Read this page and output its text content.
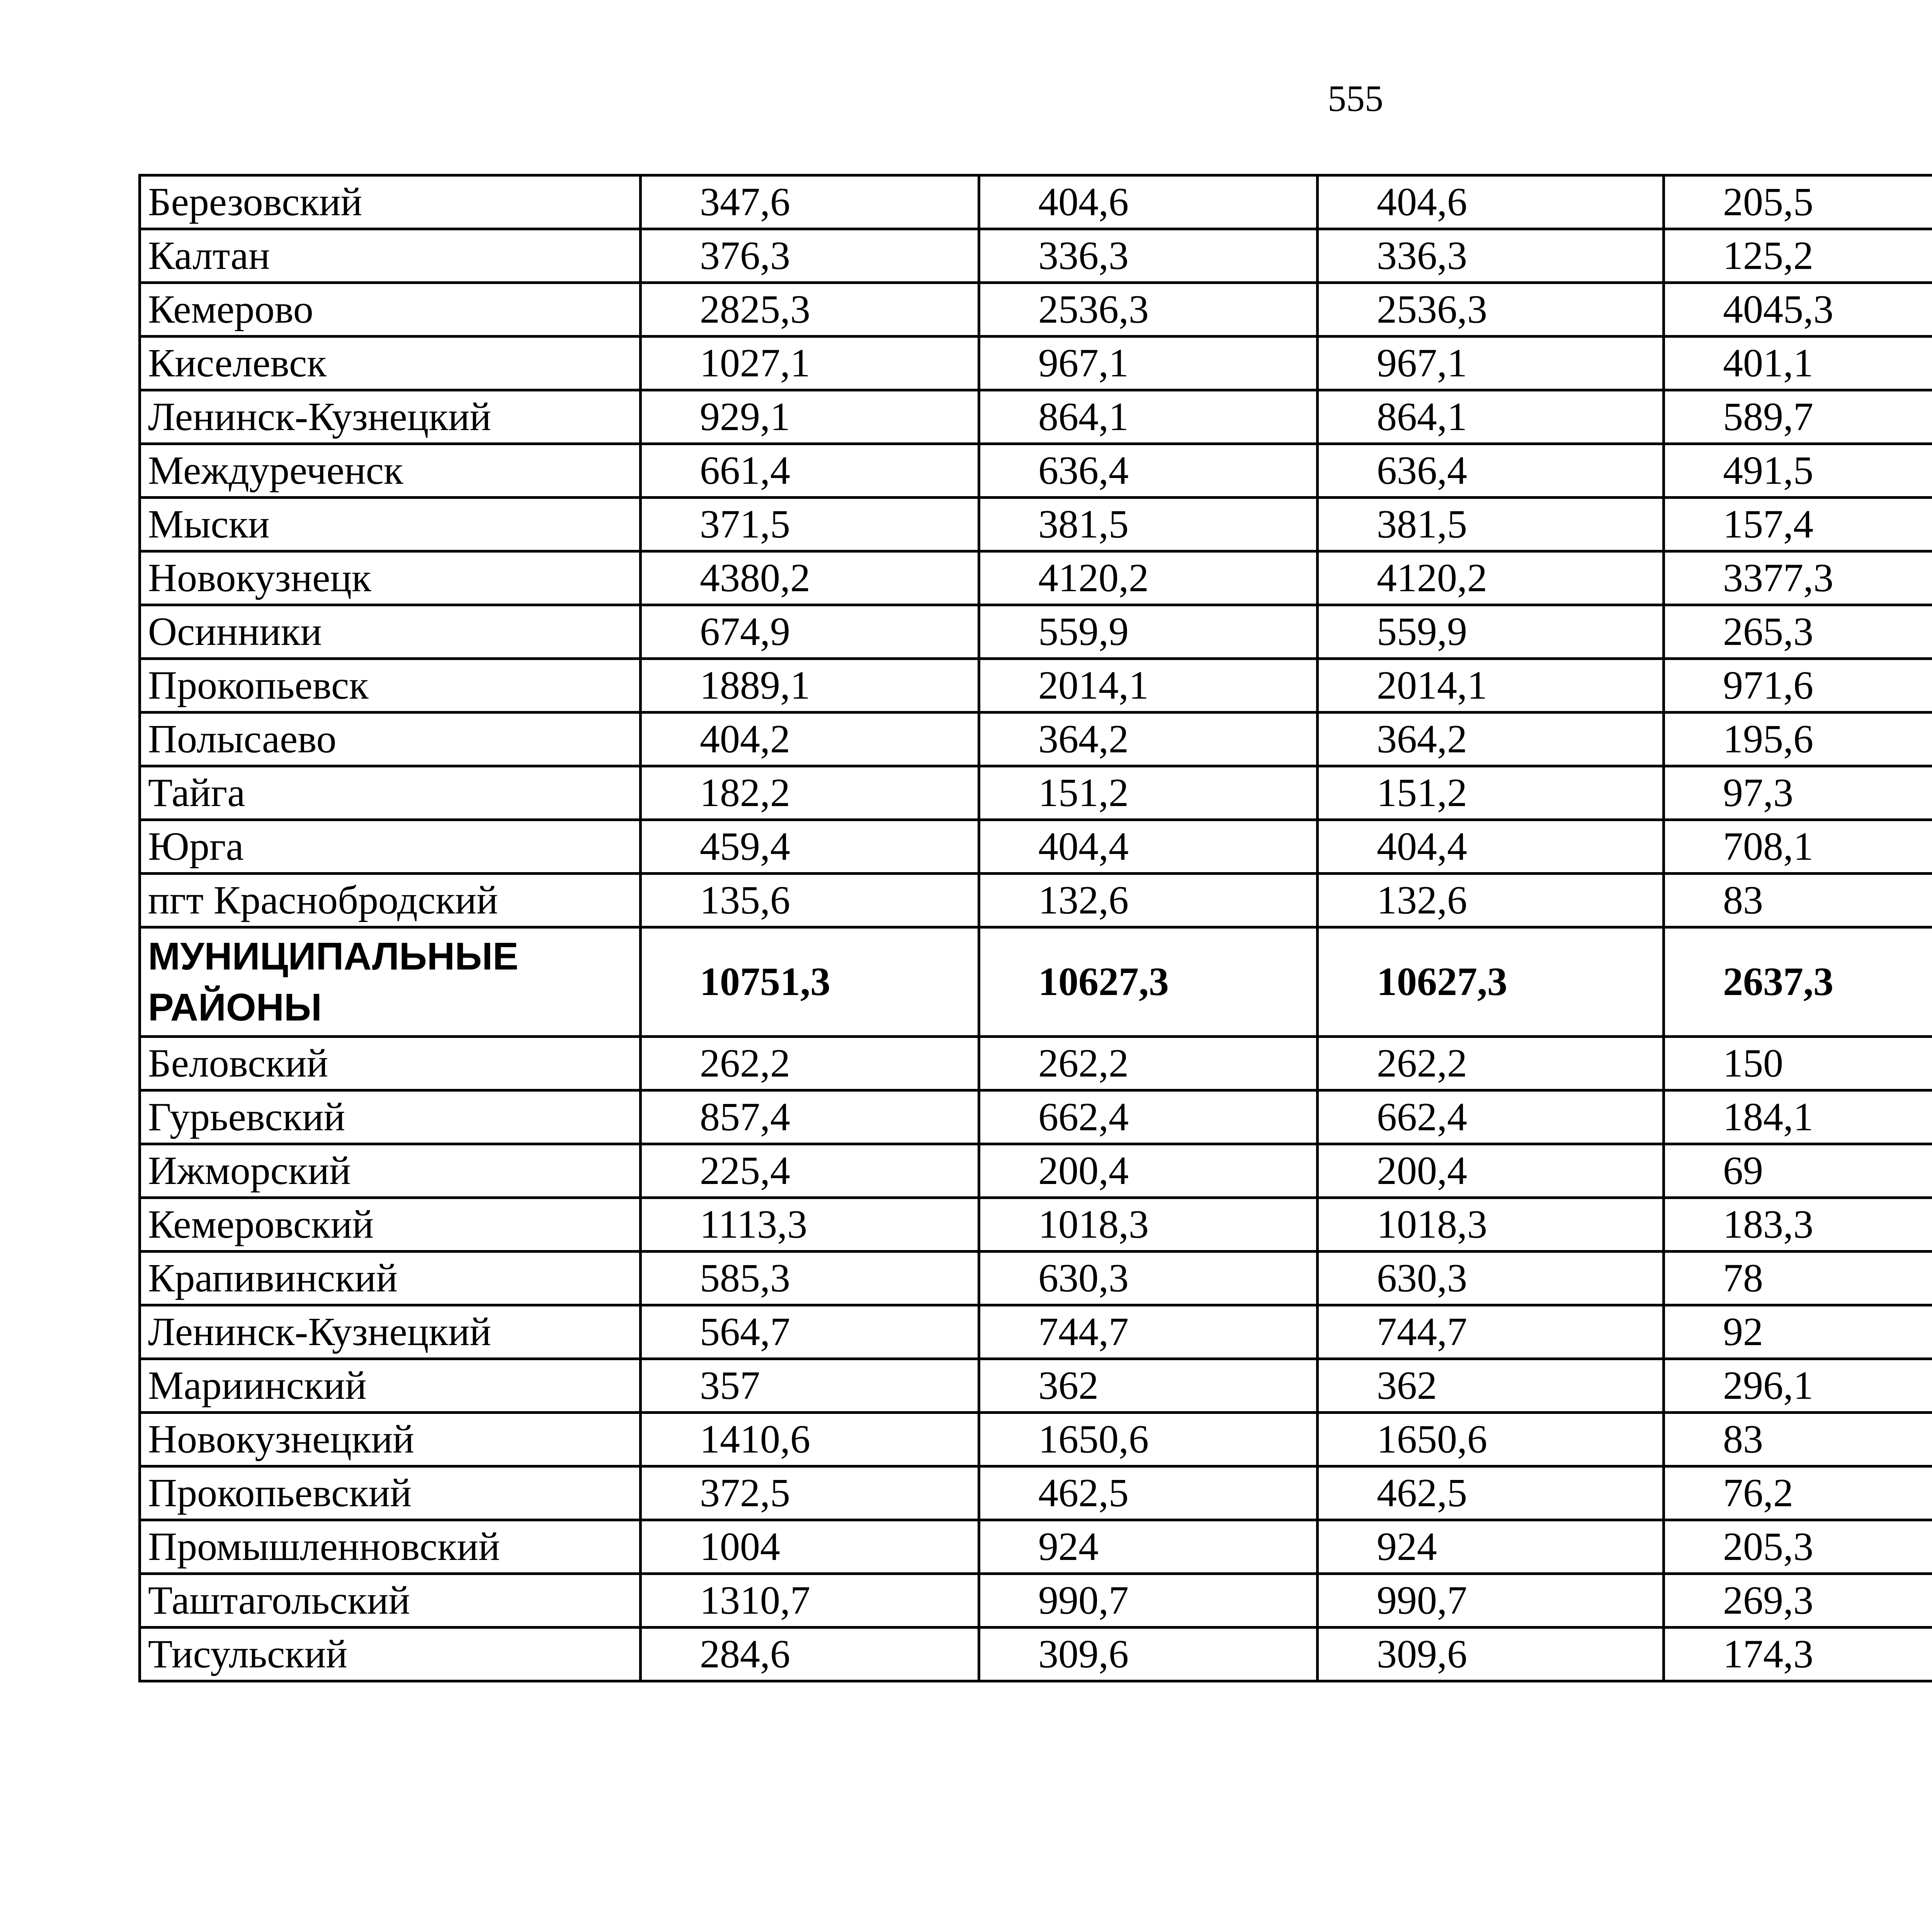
555
Березовский	347,6	404,6	404,6	205,5		
Калтан	376,3	336,3	336,3	125,2		
Кемерово	2825,3	2536,3	2536,3	4045,3		
Киселевск	1027,1	967,1	967,1	401,1		
Ленинск-Кузнецкий	929,1	864,1	864,1	589,7		
Междуреченск	661,4	636,4	636,4	491,5		
Мыски	371,5	381,5	381,5	157,4		
Новокузнецк	4380,2	4120,2	4120,2	3377,3		
Осинники	674,9	559,9	559,9	265,3		
Прокопьевск	1889,1	2014,1	2014,1	971,6		
Полысаево	404,2	364,2	364,2	195,6		
Тайга	182,2	151,2	151,2	97,3		
Юрга	459,4	404,4	404,4	708,1		
пгт Краснобродский	135,6	132,6	132,6	83		
МУНИЦИПАЛЬНЫЕ РАЙОНЫ	10751,3	10627,3	10627,3	2637,3		
Беловский	262,2	262,2	262,2	150		
Гурьевский	857,4	662,4	662,4	184,1		
Ижморский	225,4	200,4	200,4	69		
Кемеровский	1113,3	1018,3	1018,3	183,3		
Крапивинский	585,3	630,3	630,3	78		
Ленинск-Кузнецкий	564,7	744,7	744,7	92		
Мариинский	357	362	362	296,1		
Новокузнецкий	1410,6	1650,6	1650,6	83		
Прокопьевский	372,5	462,5	462,5	76,2		
Промышленновский	1004	924	924	205,3		
Таштагольский	1310,7	990,7	990,7	269,3		
Тисульский	284,6	309,6	309,6	174,3		
